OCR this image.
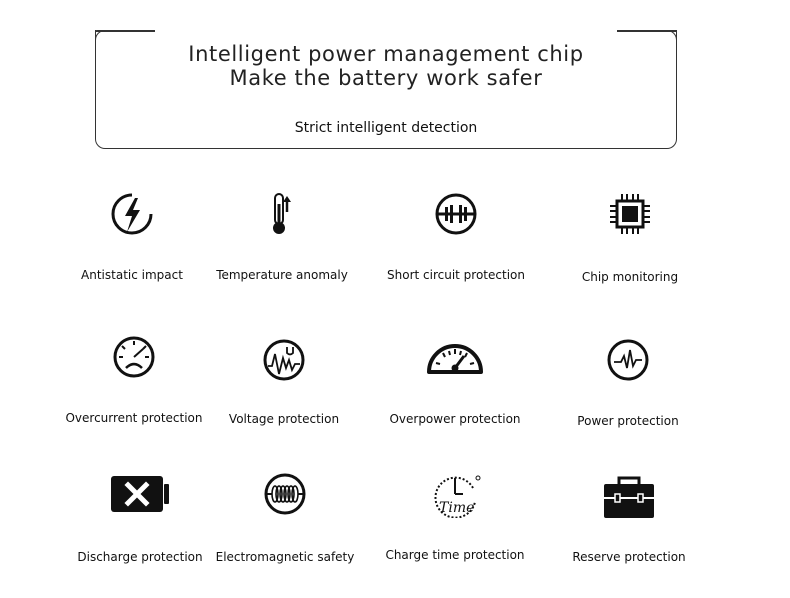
Intelligent power management chip
Make the battery work safer
Strict intelligent detection
Antistatic impact	Temperature anomaly	Short circuit protection	Chip monitoring
Overcurrent protection	Voltage protection	Overpower protection	Power protection
Discharge protection	Electromagnetic safety
Time
Charge time protection	Reserve protection
